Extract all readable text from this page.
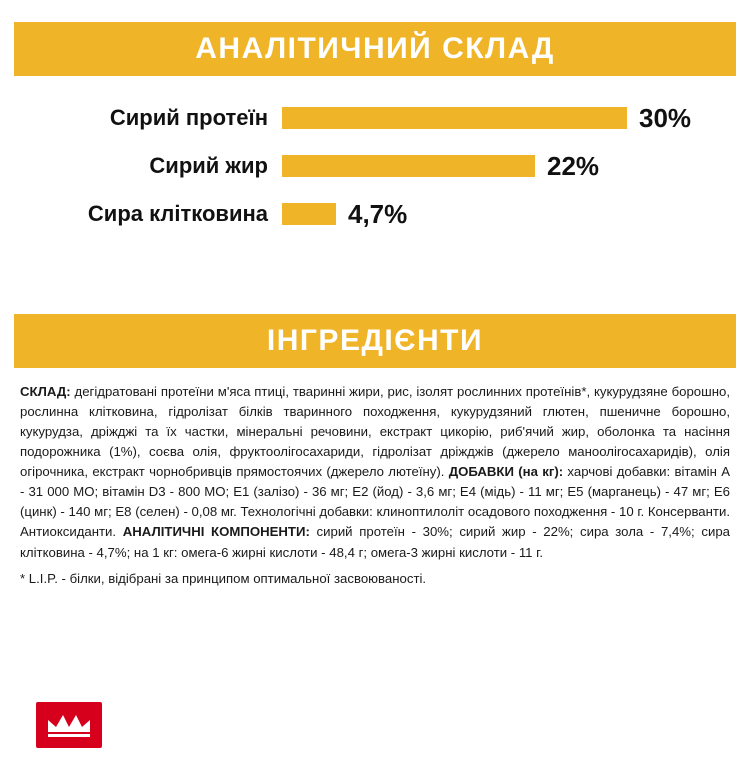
АНАЛІТИЧНИЙ СКЛАД
Сирий протеїн	30%
Сирий жир	22%
Сира клітковина	4,7%
ІНГРЕДІЄНТИ
СКЛАД: дегідратовані протеїни м'яса птиці, тваринні жири, рис, ізолят рослинних протеїнів*, кукурудзяне борошно, рослинна клітковина, гідролізат білків тваринного походження, кукурудзяний глютен, пшеничне борошно, кукурудза, дріжджі та їх частки, мінеральні речовини, екстракт цикорію, риб'ячий жир, оболонка та насіння подорожника (1%), соєва олія, фруктоолігосахариди, гідролізат дріжджів (джерело манооліrосахаридів), олія огірочника, екстракт чорнобривців прямостоячих (джерело лютеїну). ДОБАВКИ (на кг): харчові добавки: вітамін А - 31 000 МО; вітамін D3 - 800 МО; Е1 (залізо) - 36 мг; Е2 (йод) - 3,6 мг; Е4 (мідь) - 11 мг; Е5 (марганець) - 47 мг; Е6 (цинк) - 140 мг; Е8 (селен) - 0,08 мг. Технологічні добавки: клиноптилоліт осадового походження - 10 г. Консерванти. Антиоксиданти. АНАЛІТИЧНІ КОМПОНЕНТИ: сирий протеїн - 30%; сирий жир - 22%; сира зола - 7,4%; сира клітковина - 4,7%; на 1 кг: омега-6 жирні кислоти - 48,4 г; омега-3 жирні кислоти - 11 г.
* L.I.P. - білки, відібрані за принципом оптимальної засвоюваності.
